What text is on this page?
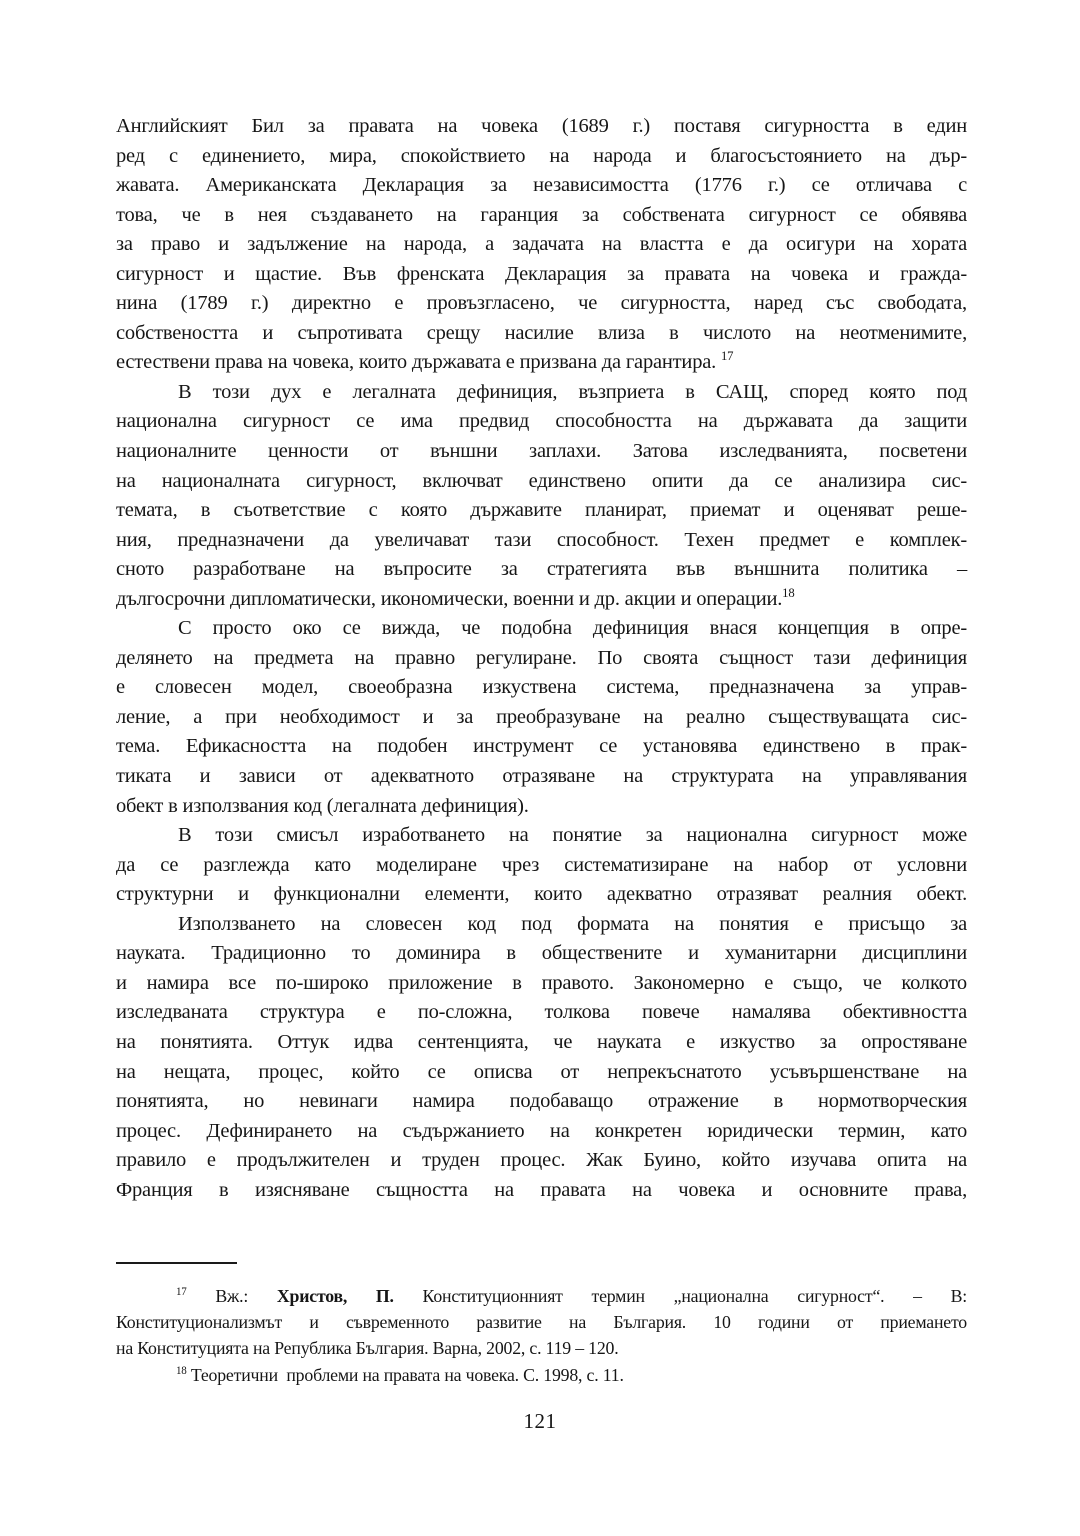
Английският Бил за правата на човека (1689 г.) поставя сигурността в един
ред с единението, мира, спокойствието на народа и благосъстоянието на дър-
жавата. Американската Декларация за независимостта (1776 г.) се отличава с
това, че в нея създаването на гаранция за собствената сигурност се обявява
за право и задължение на народа, а задачата на властта е да осигури на хората
сигурност и щастие. Във френската Декларация за правата на човека и гражда-
нина (1789 г.) директно е провъзгласено, че сигурността, наред със свободата,
собствеността и съпротивата срещу насилие влиза в числото на неотменимите,
естествени права на човека, които държавата е призвана да гарантира. $^{17}$
В този дух е легалната дефиниция, възприета в САЩ, според която под
национална сигурност се има предвид способността на държавата да защити
националните ценности от външни заплахи. Затова изследванията, посветени
на националната сигурност, включват единствено опити да се анализира сис-
темата, в съответствие с която държавите планират, приемат и оценяват реше-
ния, предназначени да увеличават тази способност. Техен предмет е комплек-
сното разработване на въпросите за стратегията във външнита политика –
дългосрочни дипломатически, икономически, военни и др. акции и операции.$^{18}$
С просто око се вижда, че подобна дефиниция внася концепция в опре-
делянето на предмета на правно регулиране. По своята същност тази дефиниция
е словесен модел, своеобразна изкуствена система, предназначена за управ-
ление, а при необходимост и за преобразуване на реално съществуващата сис-
тема. Ефикасността на подобен инструмент се установява единствено в прак-
тиката и зависи от адекватното отразяване на структурата на управлявания
обект в използвания код (легалната дефиниция).
В този смисъл изработването на понятие за национална сигурност може
да се разглежда като моделиране чрез систематизиране на набор от условни
структурни и функционални елементи, които адекватно отразяват реалния обект.
Използването на словесен код под формата на понятия е присъщо за
науката. Традиционно то доминира в обществените и хуманитарни дисциплини
и намира все по-широко приложение в правото. Закономерно е също, че колкото
изследваната структура е по-сложна, толкова повече намалява обективността
на понятията. Оттук идва сентенцията, че науката е изкуство за опростяване
на нещата, процес, който се описва от непрекъснатото усъвършенстване на
понятията, но невинаги намира подобаващо отражение в нормотворческия
процес. Дефинирането на съдържанието на конкретен юридически термин, като
правило е продължителен и труден процес. Жак Буино, който изучава опита на
Франция в изясняване същността на правата на човека и основните права,
$^{17}$ Вж.: Христов, П. Конституционният термин „национална сигурност“. – В:
Конституционализмът и съвременното развитие на България. 10 години от приемането
на Конституцията на Република България. Варна, 2002, с. 119 – 120.
$^{18}$ Теоретични  проблеми на правата на човека. С. 1998, с. 11.
121
